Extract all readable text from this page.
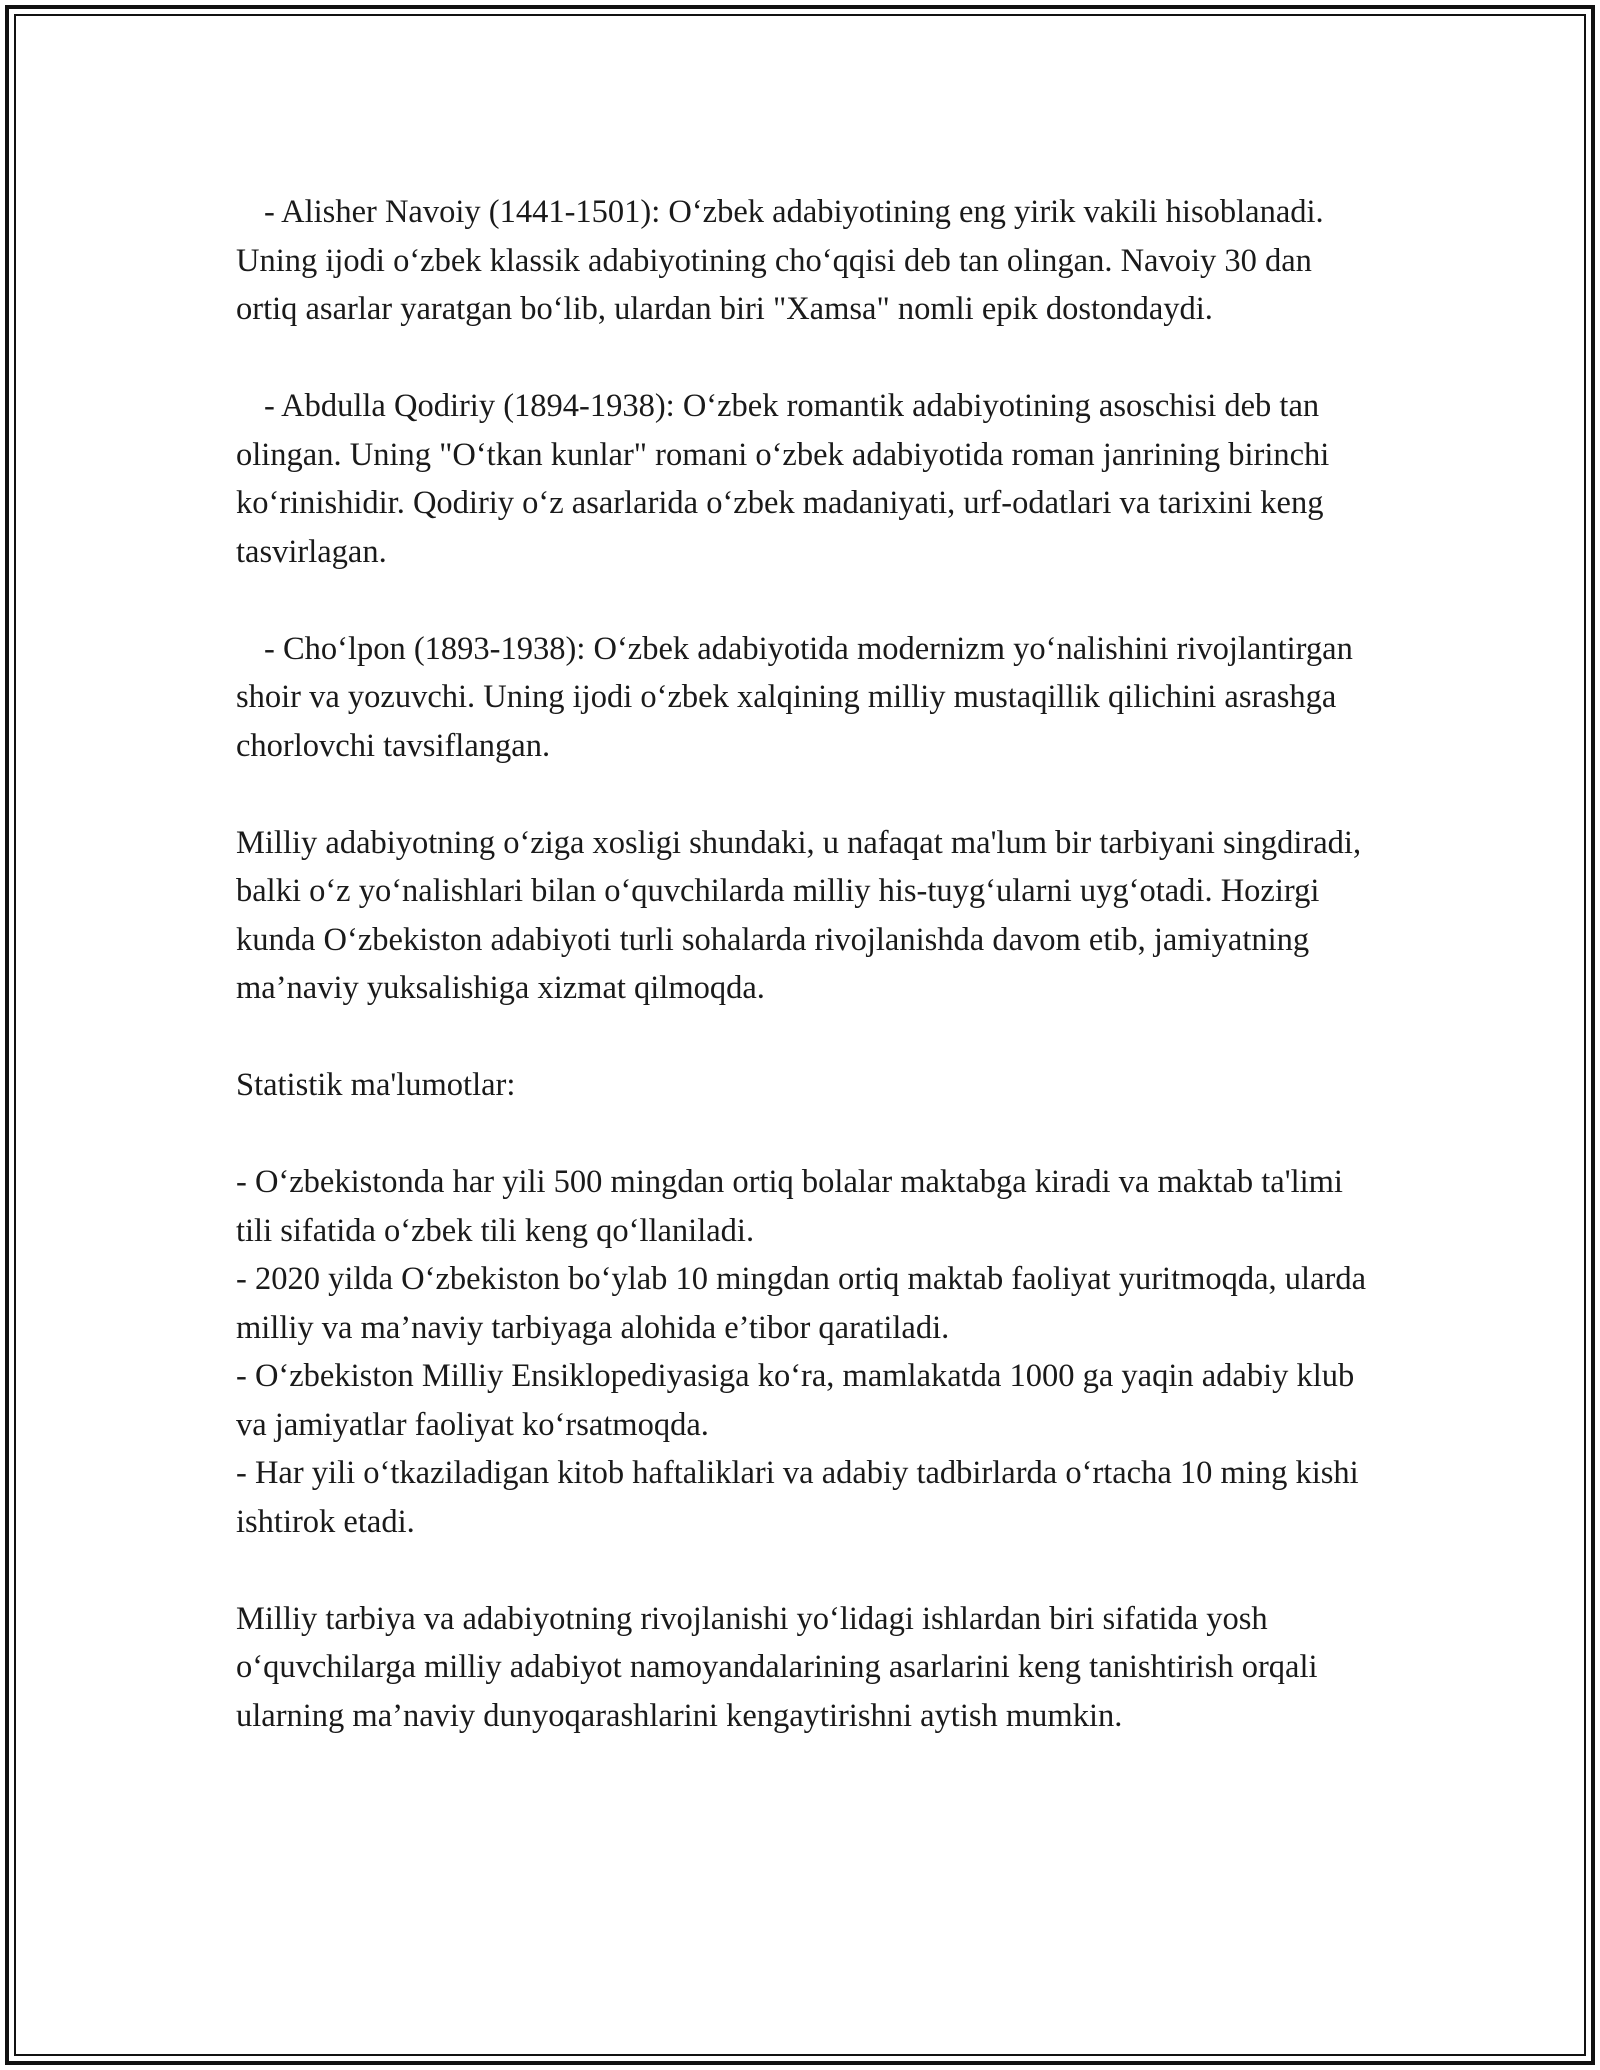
- Alisher Navoiy (1441-1501): O‘zbek adabiyotining eng yirik vakili hisoblanadi. Uning ijodi o‘zbek klassik adabiyotining cho‘qqisi deb tan olingan. Navoiy 30 dan ortiq asarlar yaratgan bo‘lib, ulardan biri "Xamsa" nomli epik dostondaydi.

- Abdulla Qodiriy (1894-1938): O‘zbek romantik adabiyotining asoschisi deb tan olingan. Uning "O‘tkan kunlar" romani o‘zbek adabiyotida roman janrining birinchi ko‘rinishidir. Qodiriy o‘z asarlarida o‘zbek madaniyati, urf-odatlari va tarixini keng tasvirlagan.

- Cho‘lpon (1893-1938): O‘zbek adabiyotida modernizm yo‘nalishini rivojlantirgan shoir va yozuvchi. Uning ijodi o‘zbek xalqining milliy mustaqillik qilichini asrashga chorlovchi tavsiflangan.

Milliy adabiyotning o‘ziga xosligi shundaki, u nafaqat ma'lum bir tarbiyani singdiradi, balki o‘z yo‘nalishlari bilan o‘quvchilarda milliy his-tuyg‘ularni uyg‘otadi. Hozirgi kunda O‘zbekiston adabiyoti turli sohalarda rivojlanishda davom etib, jamiyatning ma’naviy yuksalishiga xizmat qilmoqda.

Statistik ma'lumotlar:

- O‘zbekistonda har yili 500 mingdan ortiq bolalar maktabga kiradi va maktab ta'limi tili sifatida o‘zbek tili keng qo‘llaniladi.
- 2020 yilda O‘zbekiston bo‘ylab 10 mingdan ortiq maktab faoliyat yuritmoqda, ularda milliy va ma’naviy tarbiyaga alohida e’tibor qaratiladi.
- O‘zbekiston Milliy Ensiklopediyasiga ko‘ra, mamlakatda 1000 ga yaqin adabiy klub va jamiyatlar faoliyat ko‘rsatmoqda.
- Har yili o‘tkaziladigan kitob haftaliklari va adabiy tadbirlarda o‘rtacha 10 ming kishi ishtirok etadi.

Milliy tarbiya va adabiyotning rivojlanishi yo‘lidagi ishlardan biri sifatida yosh o‘quvchilarga milliy adabiyot namoyandalarining asarlarini keng tanishtirish orqali ularning ma’naviy dunyoqarashlarini kengaytirishni aytish mumkin.
